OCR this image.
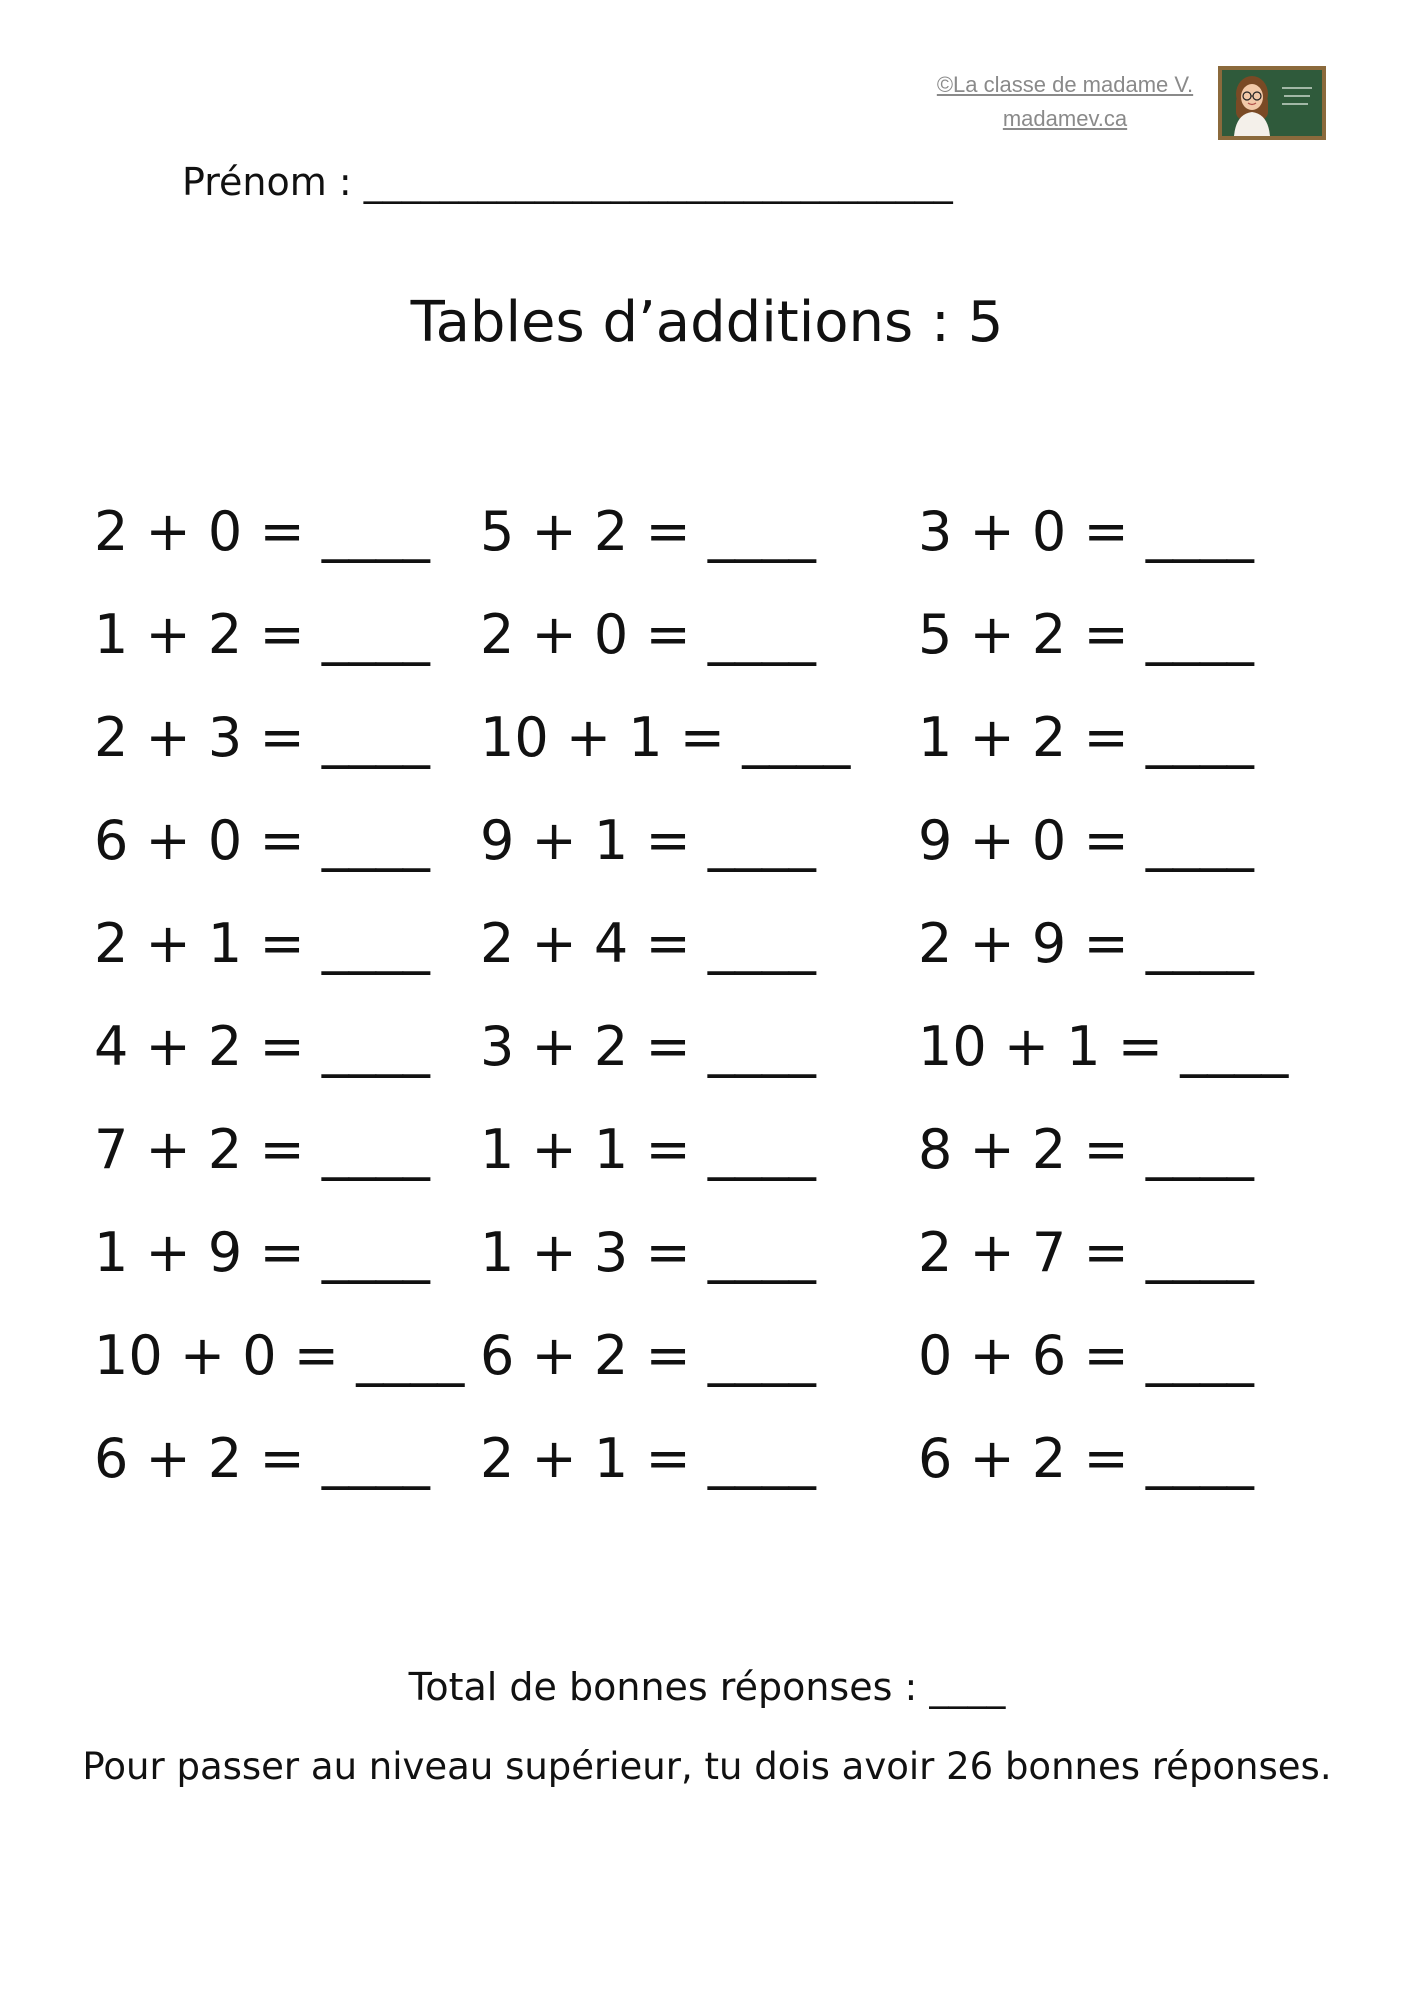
©La classe de madame V.
madamev.ca
Prénom : _______________________________
Tables d’additions : 5
2 + 0 = ____
1 + 2 = ____
2 + 3 = ____
6 + 0 = ____
2 + 1 = ____
4 + 2 = ____
7 + 2 = ____
1 + 9 = ____
10 + 0 = ____
6 + 2 = ____
5 + 2 = ____
2 + 0 = ____
10 + 1 = ____
9 + 1 = ____
2 + 4 = ____
3 + 2 = ____
1 + 1 = ____
1 + 3 = ____
6 + 2 = ____
2 + 1 = ____
3 + 0 = ____
5 + 2 = ____
1 + 2 = ____
9 + 0 = ____
2 + 9 = ____
10 + 1 = ____
8 + 2 = ____
2 + 7 = ____
0 + 6 = ____
6 + 2 = ____
Total de bonnes réponses : ____
Pour passer au niveau supérieur, tu dois avoir 26 bonnes réponses.
